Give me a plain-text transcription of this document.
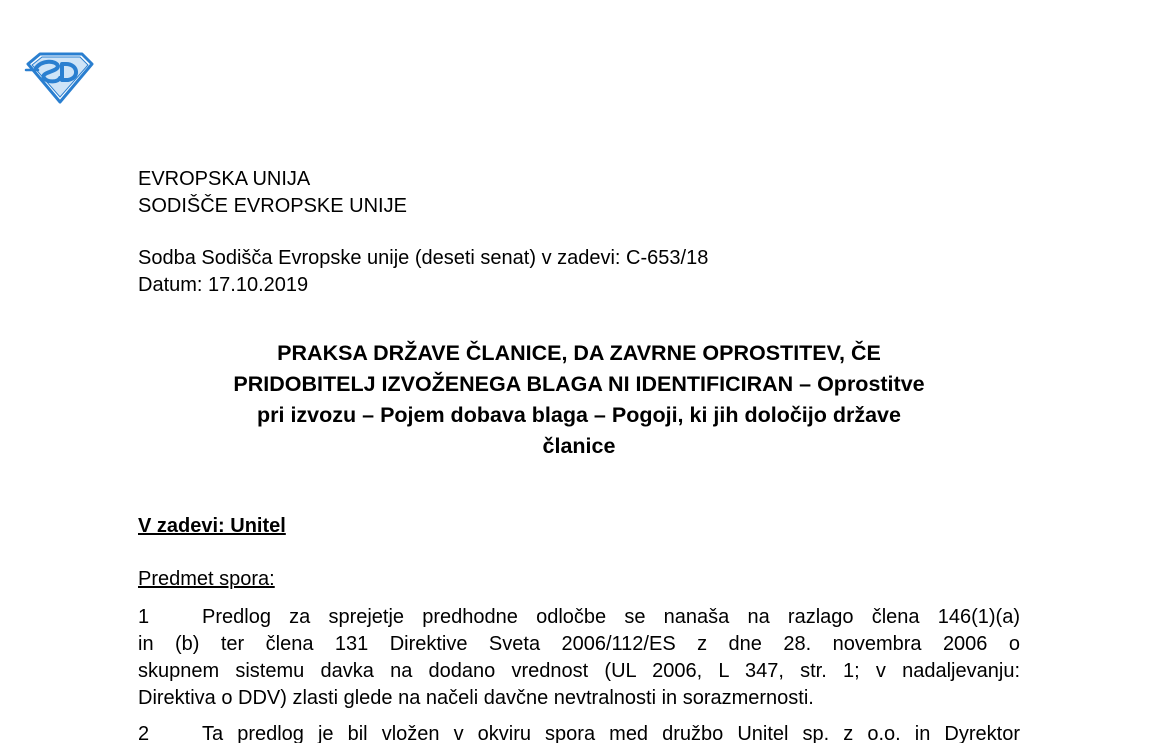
EVROPSKA UNIJA
SODIŠČE EVROPSKE UNIJE
Sodba Sodišča Evropske unije (deseti senat) v zadevi: C-653/18
Datum: 17.10.2019
PRAKSA DRŽAVE ČLANICE, DA ZAVRNE OPROSTITEV, ČE
PRIDOBITELJ IZVOŽENEGA BLAGA NI IDENTIFICIRAN – Oprostitve
pri izvozu – Pojem dobava blaga – Pogoji, ki jih določijo države
članice
V zadevi: Unitel
Predmet spora:
1	Predlog za sprejetje predhodne odločbe se nanaša na razlago člena 146(1)(a)
in (b) ter člena 131 Direktive Sveta 2006/112/ES z dne 28. novembra 2006 o
skupnem sistemu davka na dodano vrednost (UL 2006, L 347, str. 1; v nadaljevanju:
Direktiva o DDV) zlasti glede na načeli davčne nevtralnosti in sorazmernosti.
2	Ta predlog je bil vložen v okviru spora med družbo Unitel sp. z o.o. in Dyrektor
